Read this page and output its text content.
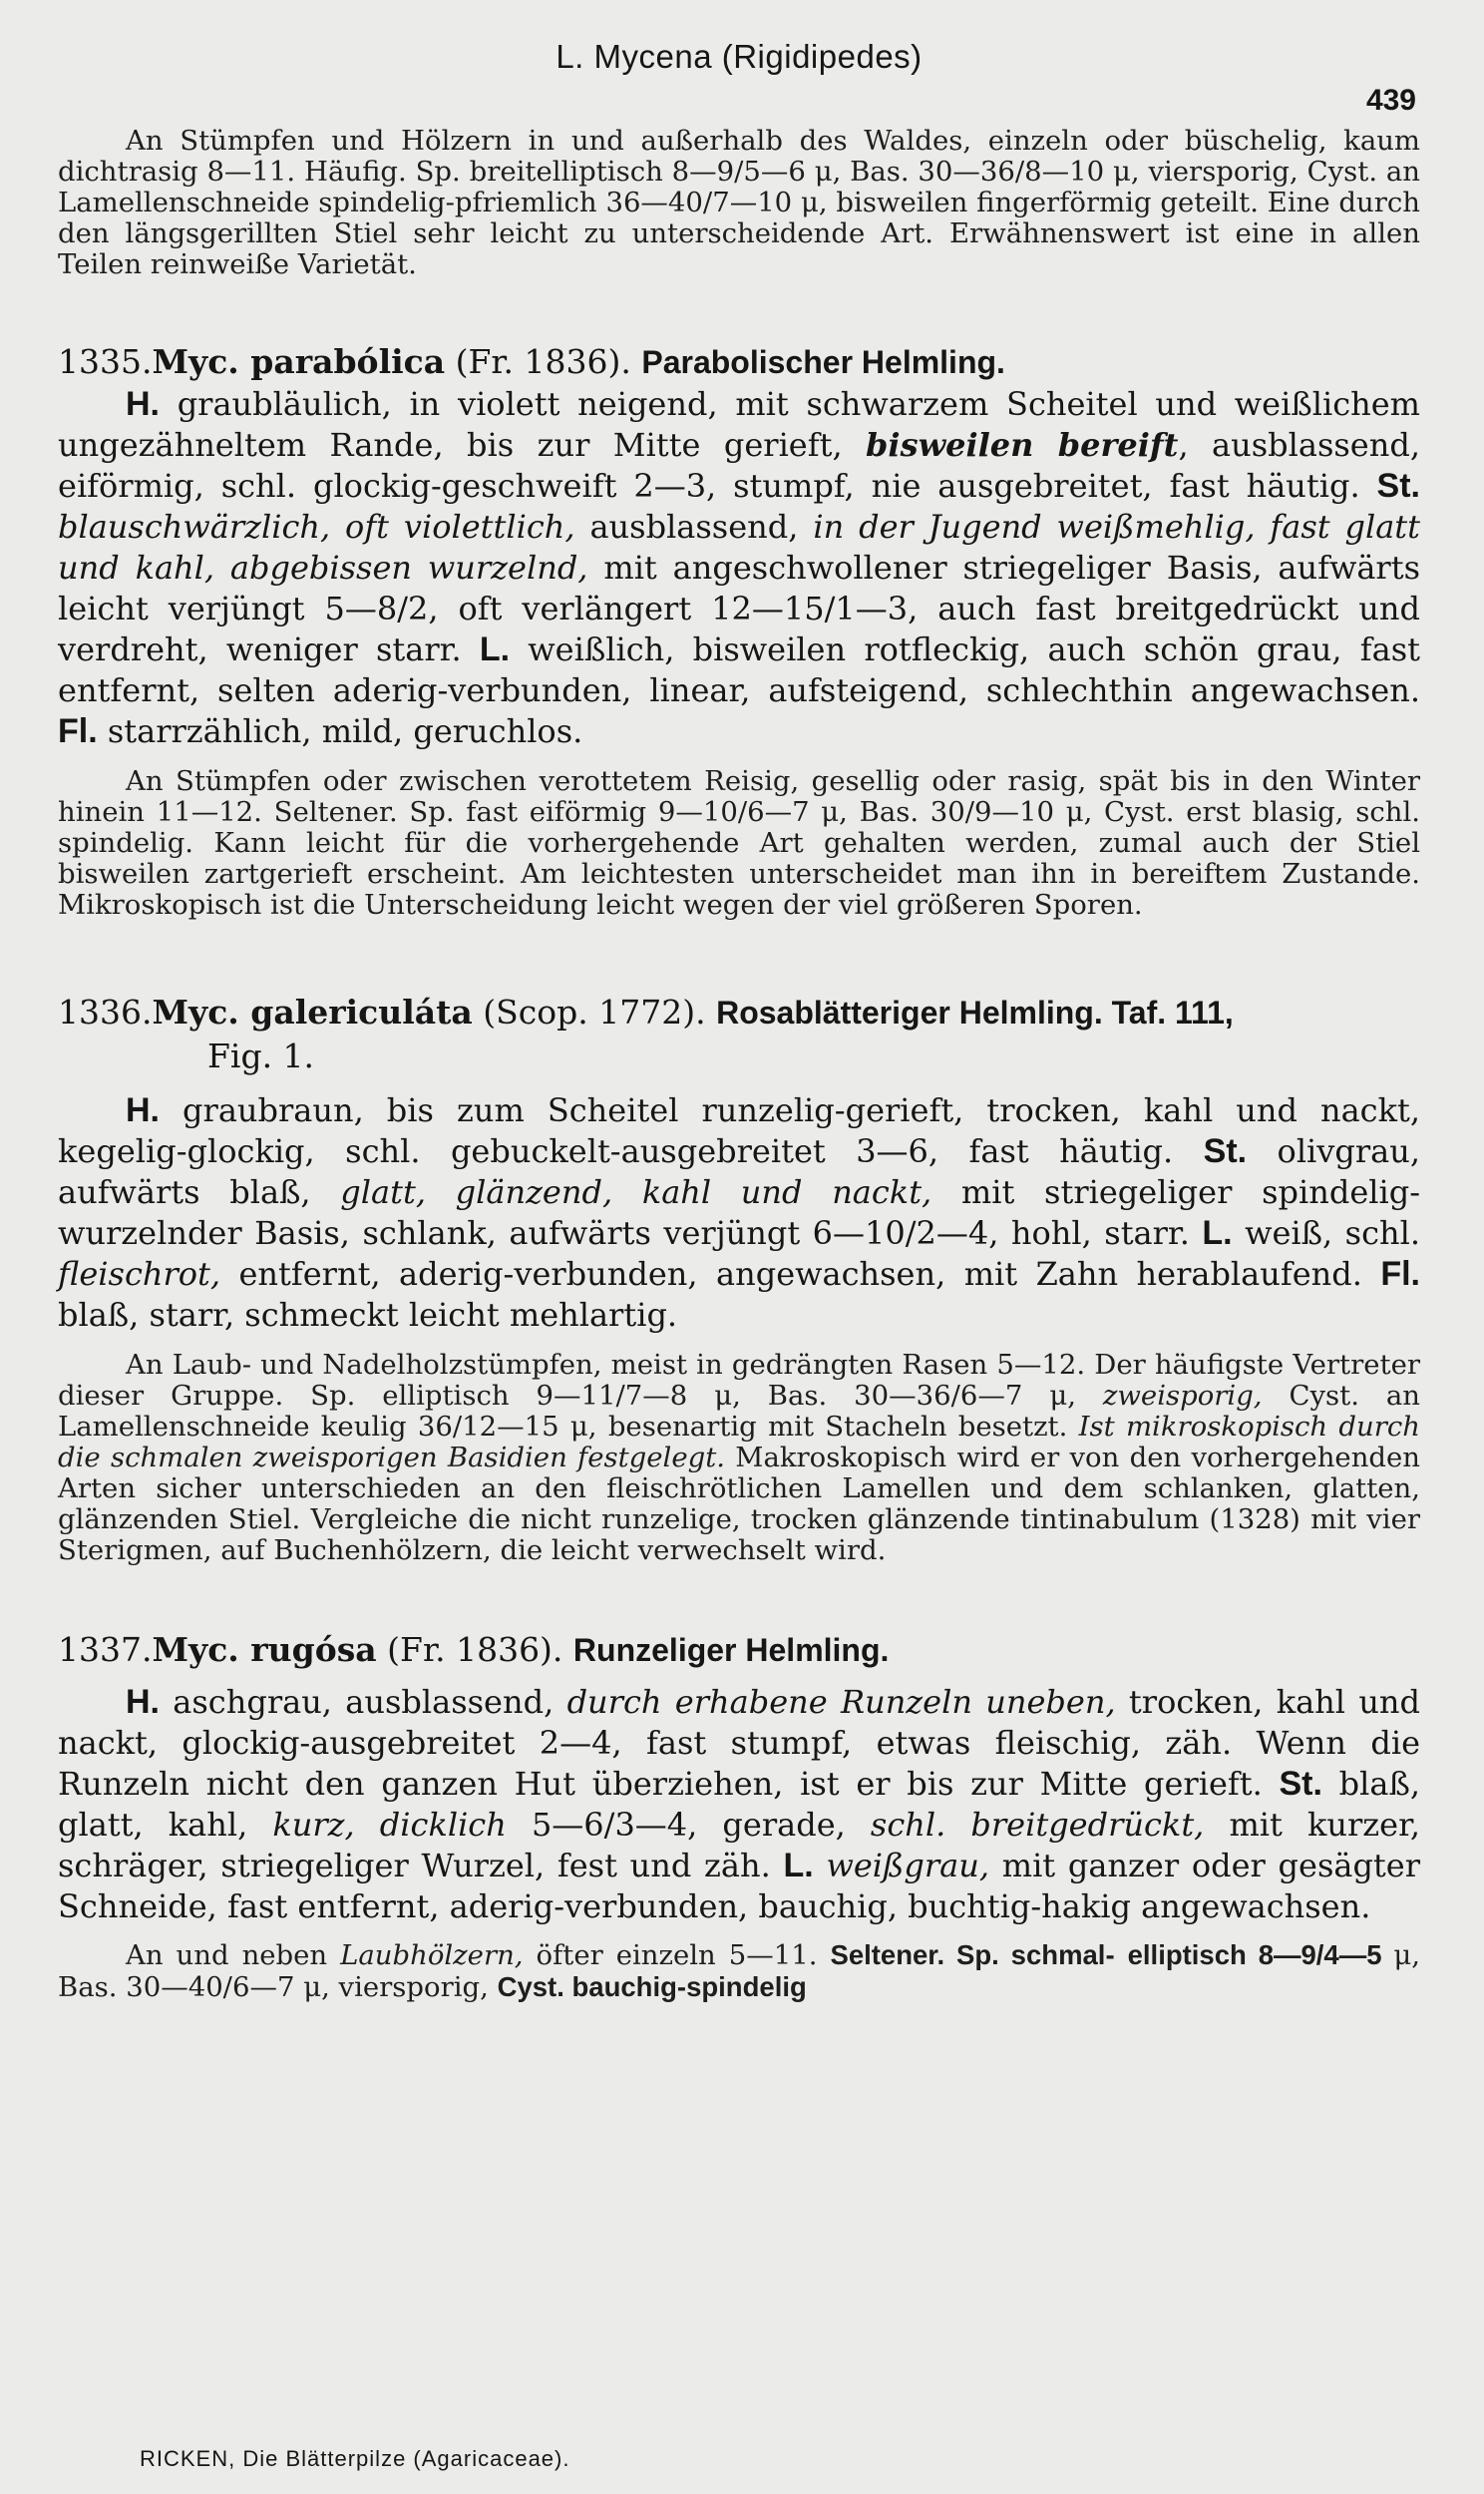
L. Mycena (Rigidipedes)
439

An Stümpfen und Hölzern in und außerhalb des Waldes, einzeln oder büschelig, kaum dichtrasig 8—11. Häufig. Sp. breitelliptisch 8—9/5—6 μ, Bas. 30—36/8—10 μ, viersporig, Cyst. an Lamellenschneide spindelig-pfriemlich 36—40/7—10 μ, bisweilen fingerförmig geteilt. Eine durch den längsgerillten Stiel sehr leicht zu unterscheidende Art. Erwähnenswert ist eine in allen Teilen reinweiße Varietät.

1335.Myc. parabólica (Fr. 1836). Parabolischer Helmling.

H. graubläulich, in violett neigend, mit schwarzem Scheitel und weißlichem ungezähneltem Rande, bis zur Mitte gerieft, bisweilen bereift, ausblassend, eiförmig, schl. glockig-geschweift 2—3, stumpf, nie ausgebreitet, fast häutig. St. blauschwärzlich, oft violettlich, ausblassend, in der Jugend weißmehlig, fast glatt und kahl, abgebissen wurzelnd, mit angeschwollener striegeliger Basis, aufwärts leicht verjüngt 5—8/2, oft verlängert 12—15/1—3, auch fast breitgedrückt und verdreht, weniger starr. L. weißlich, bisweilen rotfleckig, auch schön grau, fast entfernt, selten aderig-verbunden, linear, aufsteigend, schlechthin angewachsen. Fl. starrzählich, mild, geruchlos.

An Stümpfen oder zwischen verottetem Reisig, gesellig oder rasig, spät bis in den Winter hinein 11—12. Seltener. Sp. fast eiförmig 9—10/6—7 μ, Bas. 30/9—10 μ, Cyst. erst blasig, schl. spindelig. Kann leicht für die vorhergehende Art gehalten werden, zumal auch der Stiel bisweilen zartgerieft erscheint. Am leichtesten unterscheidet man ihn in bereiftem Zustande. Mikroskopisch ist die Unterscheidung leicht wegen der viel größeren Sporen.

1336.Myc. galericuláta (Scop. 1772). Rosablätteriger Helmling. Taf. 111,

Fig. 1.

H. graubraun, bis zum Scheitel runzelig-gerieft, trocken, kahl und nackt, kegelig-glockig, schl. gebuckelt-ausgebreitet 3—6, fast häutig. St. olivgrau, aufwärts blaß, glatt, glänzend, kahl und nackt, mit striegeliger spindelig-wurzelnder Basis, schlank, aufwärts verjüngt 6—10/2—4, hohl, starr. L. weiß, schl. fleischrot, entfernt, aderig-verbunden, angewachsen, mit Zahn herablaufend. Fl. blaß, starr, schmeckt leicht mehlartig.

An Laub- und Nadelholzstümpfen, meist in gedrängten Rasen 5—12. Der häufigste Vertreter dieser Gruppe. Sp. elliptisch 9—11/7—8 μ, Bas. 30—36/6—7 μ, zweisporig, Cyst. an Lamellenschneide keulig 36/12—15 μ, besenartig mit Stacheln besetzt. Ist mikroskopisch durch die schmalen zweisporigen Basidien festgelegt. Makroskopisch wird er von den vorhergehenden Arten sicher unterschieden an den fleischrötlichen Lamellen und dem schlanken, glatten, glänzenden Stiel. Vergleiche die nicht runzelige, trocken glänzende tintinabulum (1328) mit vier Sterigmen, auf Buchenhölzern, die leicht verwechselt wird.

1337.Myc. rugósa (Fr. 1836). Runzeliger Helmling.

H. aschgrau, ausblassend, durch erhabene Runzeln uneben, trocken, kahl und nackt, glockig-ausgebreitet 2—4, fast stumpf, etwas fleischig, zäh. Wenn die Runzeln nicht den ganzen Hut überziehen, ist er bis zur Mitte gerieft. St. blaß, glatt, kahl, kurz, dicklich 5—6/3—4, gerade, schl. breitgedrückt, mit kurzer, schräger, striegeliger Wurzel, fest und zäh. L. weißgrau, mit ganzer oder gesägter Schneide, fast entfernt, aderig-verbunden, bauchig, buchtig-hakig angewachsen.

An und neben Laubhölzern, öfter einzeln 5—11. Seltener. Sp. schmal- elliptisch 8—9/4—5 μ, Bas. 30—40/6—7 μ, viersporig, Cyst. bauchig-spindelig

RICKEN, Die Blätterpilze (Agaricaceae).
